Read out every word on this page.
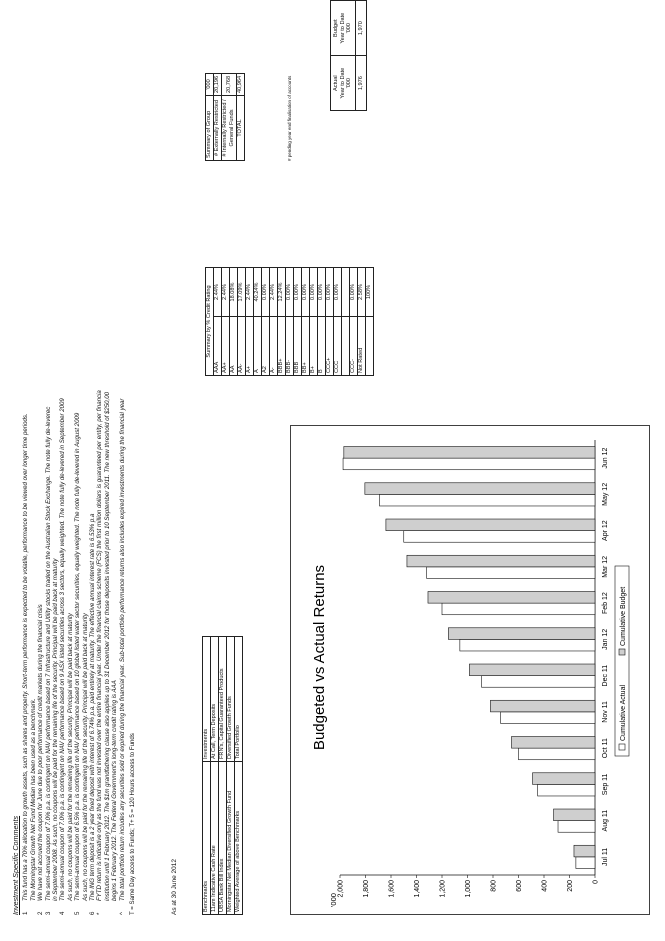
Investment Specific Comments 1
This fund has a 70% allocation to growth assets, such as shares and property. Short-term performance is expected to be volatile, performance to be viewed over longer time periods.
The Morningstar Growth Net Fund Median has been used as a benchmark.
2
We have not accrued the coupon for June due to poor performance of credit markets during the financial crisis
3
The semi-annual coupon of 7.0% p.a. is contingent on NAV performance based on 7 Infrastructure and Utility stocks traded on the Australian Stock Exchange. The note fully de-leverec
in September 2008. As such, no coupons will be paid for the remaining life of the security. Principal will be paid back at maturity
4
The semi-annual coupon of 7.0% p.a. is contingent on NAV performance based on 9 ASX listed securities across 3 sectors, equally weighted. The note fully de-levered in September 2009
As such, no coupons will be paid for the remaining life of the security. Principal will be paid back at maturity
5
The semi-annual coupon of 6.5% p.a. is contingent on NAV performance based on 10 global listed water sector securities, equally weighted. The note fully de-levered in August 2009
As such, no coupons will be paid for the remaining life of the security. Principal will be paid back at maturity
6
The ING term deposit is a 2 year fixed deposit with interest of 6.74% p.a. paid entirely at maturity. The effective annual interest rate is 6.53% p.a
*
FYTD return is indicative only as the fund was not invested over the entire financial year. Under the financial claims scheme (FCS) the first million dollars is guaranteed per entity, per financia
institution until 1 February 2012. The $1m grandfathering clause also applies up to 31 December 2012 for those deposits invested prior to 10 September 2011. The new threshold of $250,00
begins 1 February 2012. The Federal Government's long-term credit rating is AAA
^
The total portfolio return includes any securities sold or expired during the financial year. Sub-total portfolio performance returns also includes expired investments during the financial year T = Same Day access to Funds; T+ 5 = 120 Hours access to Funds	As at 30 June 2012	Benchmarks	Investments
11am Indicative Cash Rate	At Call, Term Deposits
UBSA Bank Bill Index	FRN's, Capital Guaranteed Products
Morningstar Net Median Diversified Growth Fund	Diversified Growth Funds
Weighted Average of above Benchmarks	Total Portfolio	Budgeted vs Actual Returns
'000
0
200
400
600
800
1,000
1,200
1,400
1,600
1,800
2,000
Jul 11
Aug 11
Sep 11
Oct 11
Nov 11
Dec 11
Jan 12
Feb 12
Mar 12
Apr 12
May 12
Jun 12
Cumulative Actual
Cumulative Budget
Summary by % Credit Rating	
AAA	2.44%
AA+	2.44%
AA	18.08%
AA-	17.09%
A+	2.44%
A	40.24%
A2	0.00%
A-	2.44%
BBB+	12.24%
BBB-	0.00%
BBB	0.00%
BB+	0.00%
B+	0.00%
B	0.00%
CCC+	0.00%
CCC	0.00%

CCC-	0.00%
Not Rated	2.58%
	100%
Summary of Group	'000
# Externally Restricted	20,196
# Internally Restricted / General Funds	20,768
TOTAL	40,964	# pending year end finalisation of accounts	Actual
Year to Date
'000	Budget
Year to Date
'000
1,976	1,970
